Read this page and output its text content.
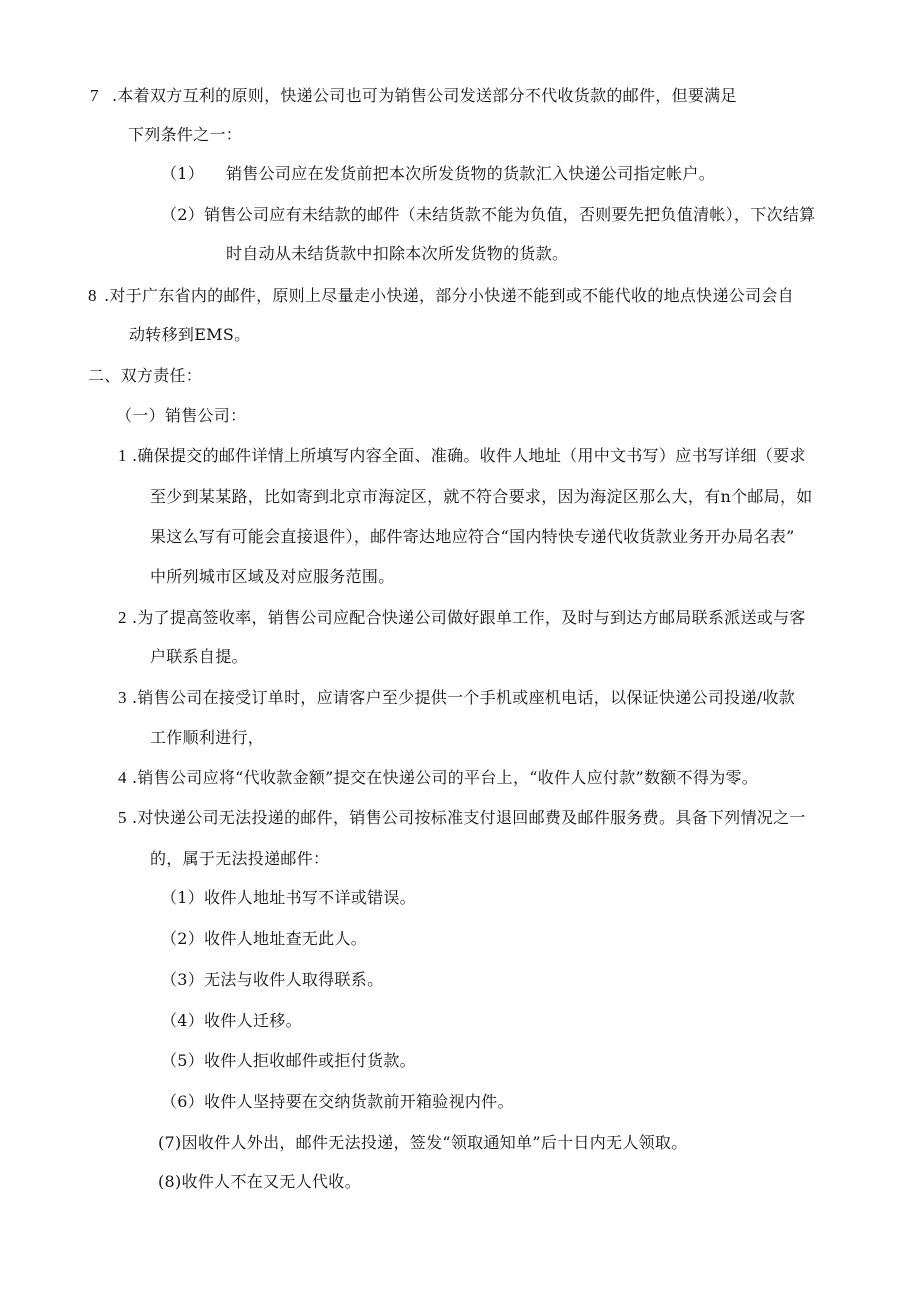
7 .本着双方互利的原则，快递公司也可为销售公司发送部分不代收货款的邮件，但要满足
下列条件之一：
（1） 销售公司应在发货前把本次所发货物的货款汇入快递公司指定帐户。
（2）销售公司应有未结款的邮件（未结货款不能为负值，否则要先把负值清帐），下次结算
时自动从未结货款中扣除本次所发货物的货款。
8 .对于广东省内的邮件，原则上尽量走小快递，部分小快递不能到或不能代收的地点快递公司会自
动转移到EMS。
二、双方责任：
（一）销售公司：
1 .确保提交的邮件详情上所填写内容全面、准确。收件人地址（用中文书写）应书写详细（要求
至少到某某路，比如寄到北京市海淀区，就不符合要求，因为海淀区那么大，有n个邮局，如
果这么写有可能会直接退件），邮件寄达地应符合“国内特快专递代收货款业务开办局名表”
中所列城市区域及对应服务范围。
2 .为了提高签收率，销售公司应配合快递公司做好跟单工作，及时与到达方邮局联系派送或与客
户联系自提。
3 .销售公司在接受订单时，应请客户至少提供一个手机或座机电话，以保证快递公司投递/收款
工作顺利进行，
4 .销售公司应将“代收款金额”提交在快递公司的平台上，“收件人应付款”数额不得为零。
5 .对快递公司无法投递的邮件，销售公司按标准支付退回邮费及邮件服务费。具备下列情况之一
的，属于无法投递邮件：
（1）收件人地址书写不详或错误。
（2）收件人地址查无此人。
（3）无法与收件人取得联系。
（4）收件人迁移。
（5）收件人拒收邮件或拒付货款。
（6）收件人坚持要在交纳货款前开箱验视内件。
(7)因收件人外出，邮件无法投递，签发“领取通知单”后十日内无人领取。
(8)收件人不在又无人代收。
